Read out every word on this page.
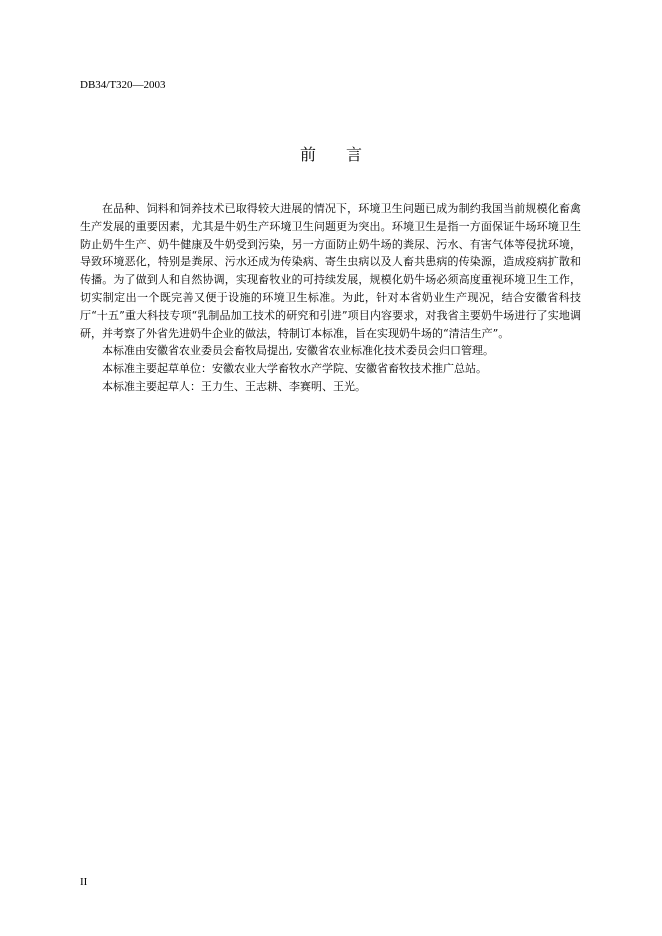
DB34/T320—2003
前言

在品种、饲料和饲养技术已取得较大进展的情况下，环境卫生问题已成为制约我国当前规模化畜禽生产发展的重要因素，尤其是牛奶生产环境卫生问题更为突出。环境卫生是指一方面保证牛场环境卫生防止奶牛生产、奶牛健康及牛奶受到污染，另一方面防止奶牛场的粪尿、污水、有害气体等侵扰环境，导致环境恶化，特别是粪尿、污水还成为传染病、寄生虫病以及人畜共患病的传染源，造成疫病扩散和传播。为了做到人和自然协调，实现畜牧业的可持续发展，规模化奶牛场必须高度重视环境卫生工作，切实制定出一个既完善又便于设施的环境卫生标准。为此，针对本省奶业生产现况，结合安徽省科技厅“十五”重大科技专项“乳制品加工技术的研究和引进”项目内容要求，对我省主要奶牛场进行了实地调研，并考察了外省先进奶牛企业的做法，特制订本标准，旨在实现奶牛场的“清洁生产”。

本标准由安徽省农业委员会畜牧局提出, 安徽省农业标准化技术委员会归口管理。

本标准主要起草单位：安徽农业大学畜牧水产学院、安徽省畜牧技术推广总站。

本标准主要起草人：王力生、王志耕、李赛明、王光。

II
